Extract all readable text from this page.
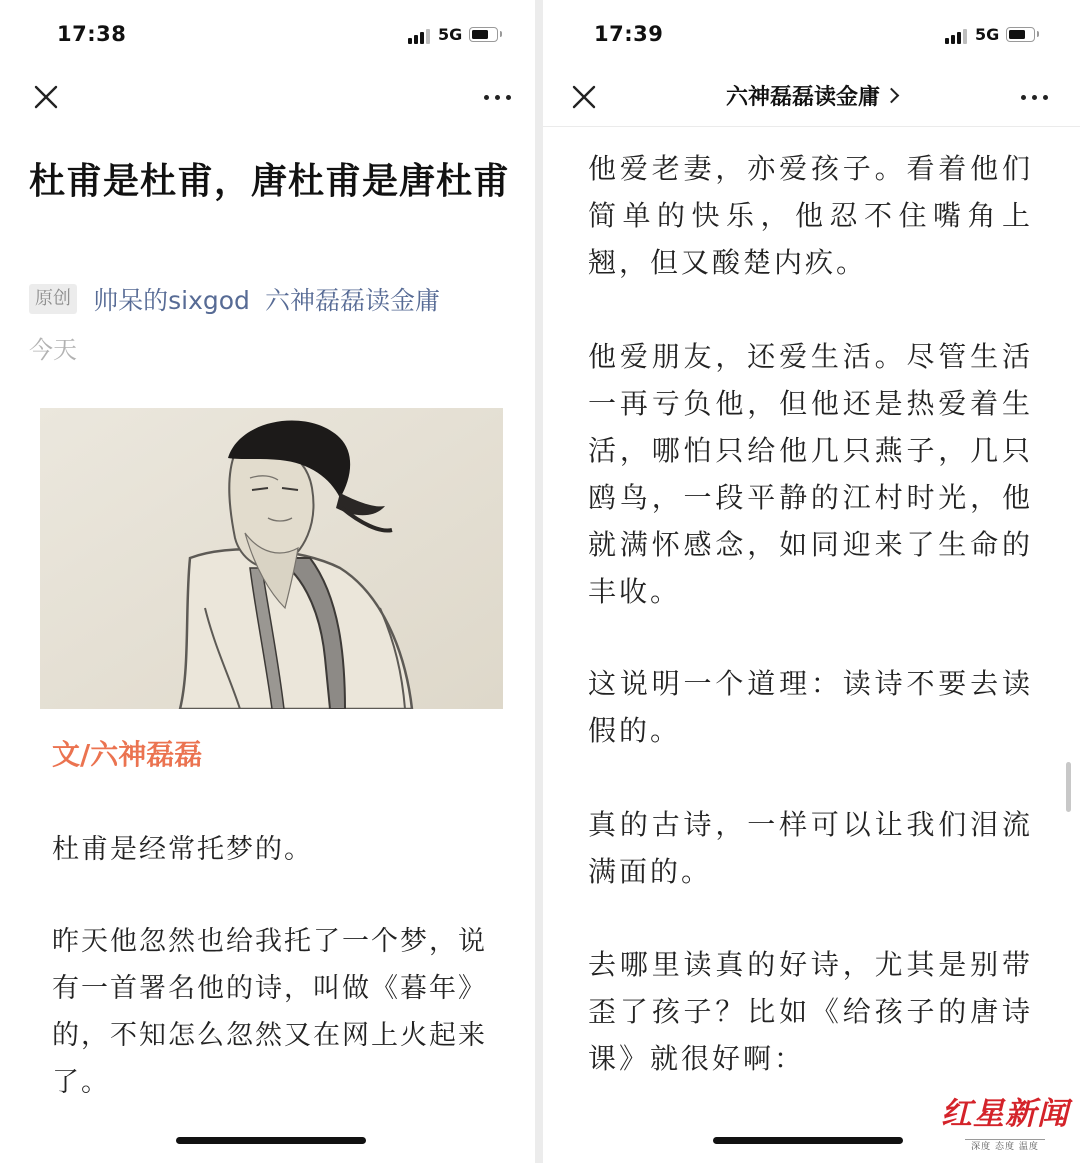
17:38	5G
杜甫是杜甫，唐杜甫是唐杜甫
原创 帅呆的sixgod 六神磊磊读金庸
今天
文/六神磊磊

杜甫是经常托梦的。

昨天他忽然也给我托了一个梦，说有一首署名他的诗，叫做《暮年》的，不知怎么忽然又在网上火起来了。

17:39	5G
六神磊磊读金庸

他爱老妻，亦爱孩子。看着他们简单的快乐，他忍不住嘴角上翘，但又酸楚内疚。

他爱朋友，还爱生活。尽管生活一再亏负他，但他还是热爱着生活，哪怕只给他几只燕子，几只鸥鸟，一段平静的江村时光，他就满怀感念，如同迎来了生命的丰收。

这说明一个道理：读诗不要去读假的。

真的古诗，一样可以让我们泪流满面的。

去哪里读真的好诗，尤其是别带歪了孩子？比如《给孩子的唐诗课》就很好啊：

红星新闻
深度 态度 温度
